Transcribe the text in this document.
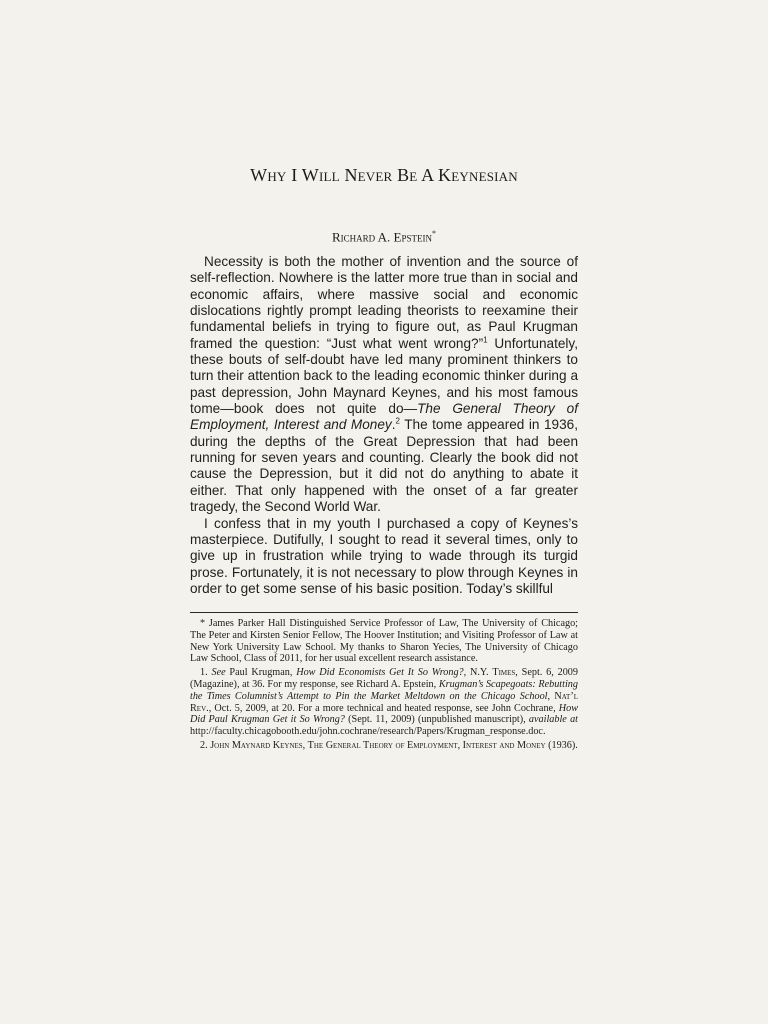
Why I Will Never Be A Keynesian
Richard A. Epstein*

Necessity is both the mother of invention and the source of self-reflection. Nowhere is the latter more true than in social and economic affairs, where massive social and economic dislocations rightly prompt leading theorists to reexamine their fundamental beliefs in trying to figure out, as Paul Krugman framed the question: “Just what went wrong?”$^1$ Unfortunately, these bouts of self-doubt have led many prominent thinkers to turn their attention back to the leading economic thinker during a past depression, John Maynard Keynes, and his most famous tome—book does not quite do—The General Theory of Employment, Interest and Money.$^2$ The tome appeared in 1936, during the depths of the Great Depression that had been running for seven years and counting. Clearly the book did not cause the Depression, but it did not do anything to abate it either. That only happened with the onset of a far greater tragedy, the Second World War.

I confess that in my youth I purchased a copy of Keynes’s masterpiece. Dutifully, I sought to read it several times, only to give up in frustration while trying to wade through its turgid prose. Fortunately, it is not necessary to plow through Keynes in order to get some sense of his basic position. Today’s skillful

* James Parker Hall Distinguished Service Professor of Law, The University of Chicago; The Peter and Kirsten Senior Fellow, The Hoover Institution; and Visiting Professor of Law at New York University Law School. My thanks to Sharon Yecies, The University of Chicago Law School, Class of 2011, for her usual excellent research assistance.

1. See Paul Krugman, How Did Economists Get It So Wrong?, N.Y. Times, Sept. 6, 2009 (Magazine), at 36. For my response, see Richard A. Epstein, Krugman’s Scapegoats: Rebutting the Times Columnist’s Attempt to Pin the Market Meltdown on the Chicago School, Nat’l Rev., Oct. 5, 2009, at 20. For a more technical and heated response, see John Cochrane, How Did Paul Krugman Get it So Wrong? (Sept. 11, 2009) (unpublished manuscript), available at http://faculty.chicagobooth.edu/john.cochrane/research/Papers/Krugman_response.doc.

2. John Maynard Keynes, The General Theory of Employment, Interest and Money (1936).
